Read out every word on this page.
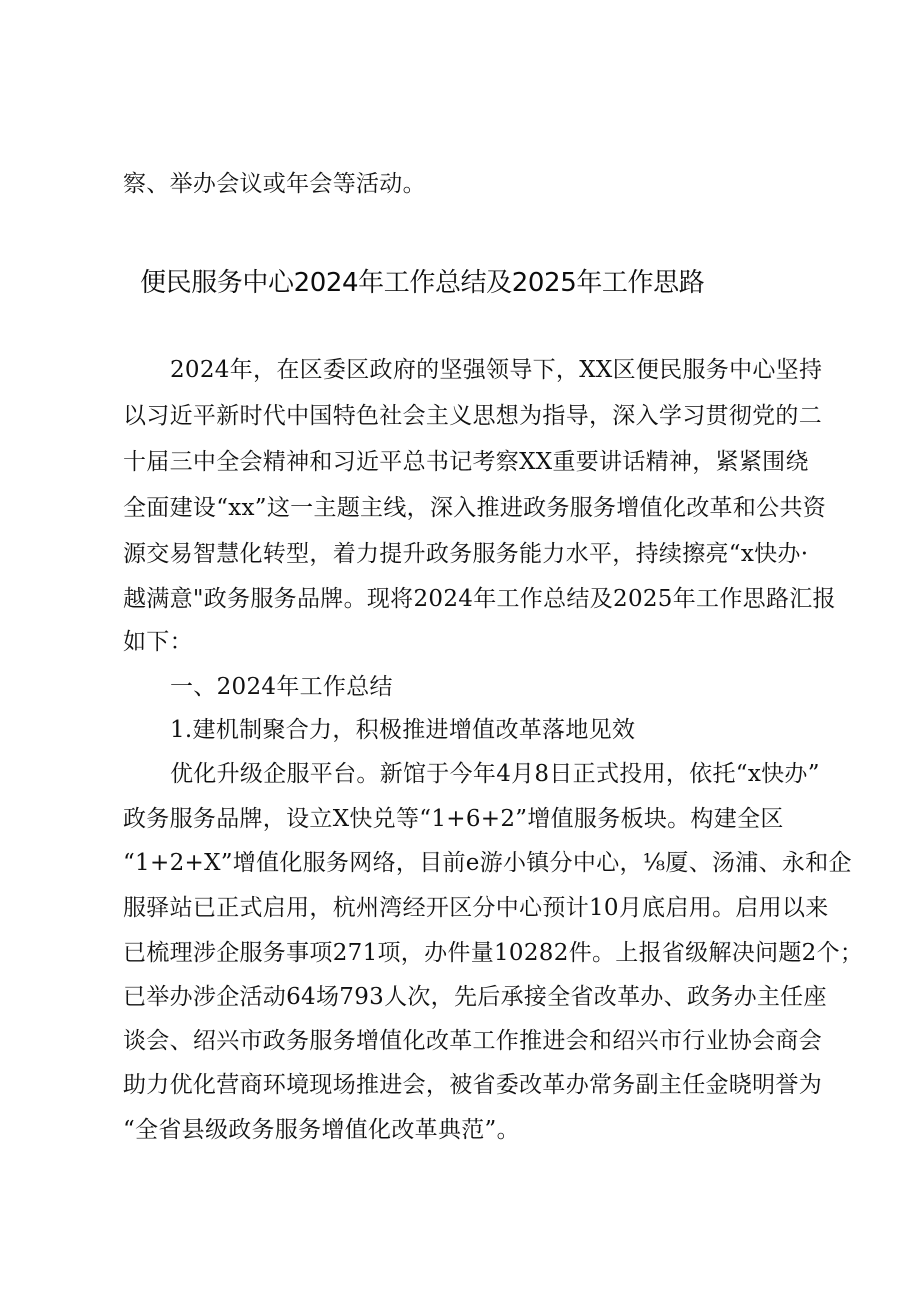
察、举办会议或年会等活动。
便民服务中心2024年工作总结及2025年工作思路
2024年，在区委区政府的坚强领导下，XX区便民服务中心坚持
以习近平新时代中国特色社会主义思想为指导，深入学习贯彻党的二
十届三中全会精神和习近平总书记考察XX重要讲话精神，紧紧围绕
全面建设“xx”这一主题主线，深入推进政务服务增值化改革和公共资
源交易智慧化转型，着力提升政务服务能力水平，持续擦亮“x快办·
越满意"政务服务品牌。现将2024年工作总结及2025年工作思路汇报
如下：
一、2024年工作总结
1.建机制聚合力，积极推进增值改革落地见效
优化升级企服平台。新馆于今年4月8日正式投用，依托“x快办”
政务服务品牌，设立X快兑等“1+6+2”增值服务板块。构建全区
“1+2+X”增值化服务网络，目前e游小镇分中心，⅛厦、汤浦、永和企
服驿站已正式启用，杭州湾经开区分中心预计10月底启用。启用以来
已梳理涉企服务事项271项，办件量10282件。上报省级解决问题2个；
已举办涉企活动64场793人次，先后承接全省改革办、政务办主任座
谈会、绍兴市政务服务增值化改革工作推进会和绍兴市行业协会商会
助力优化营商环境现场推进会，被省委改革办常务副主任金晓明誉为
“全省县级政务服务增值化改革典范”。
